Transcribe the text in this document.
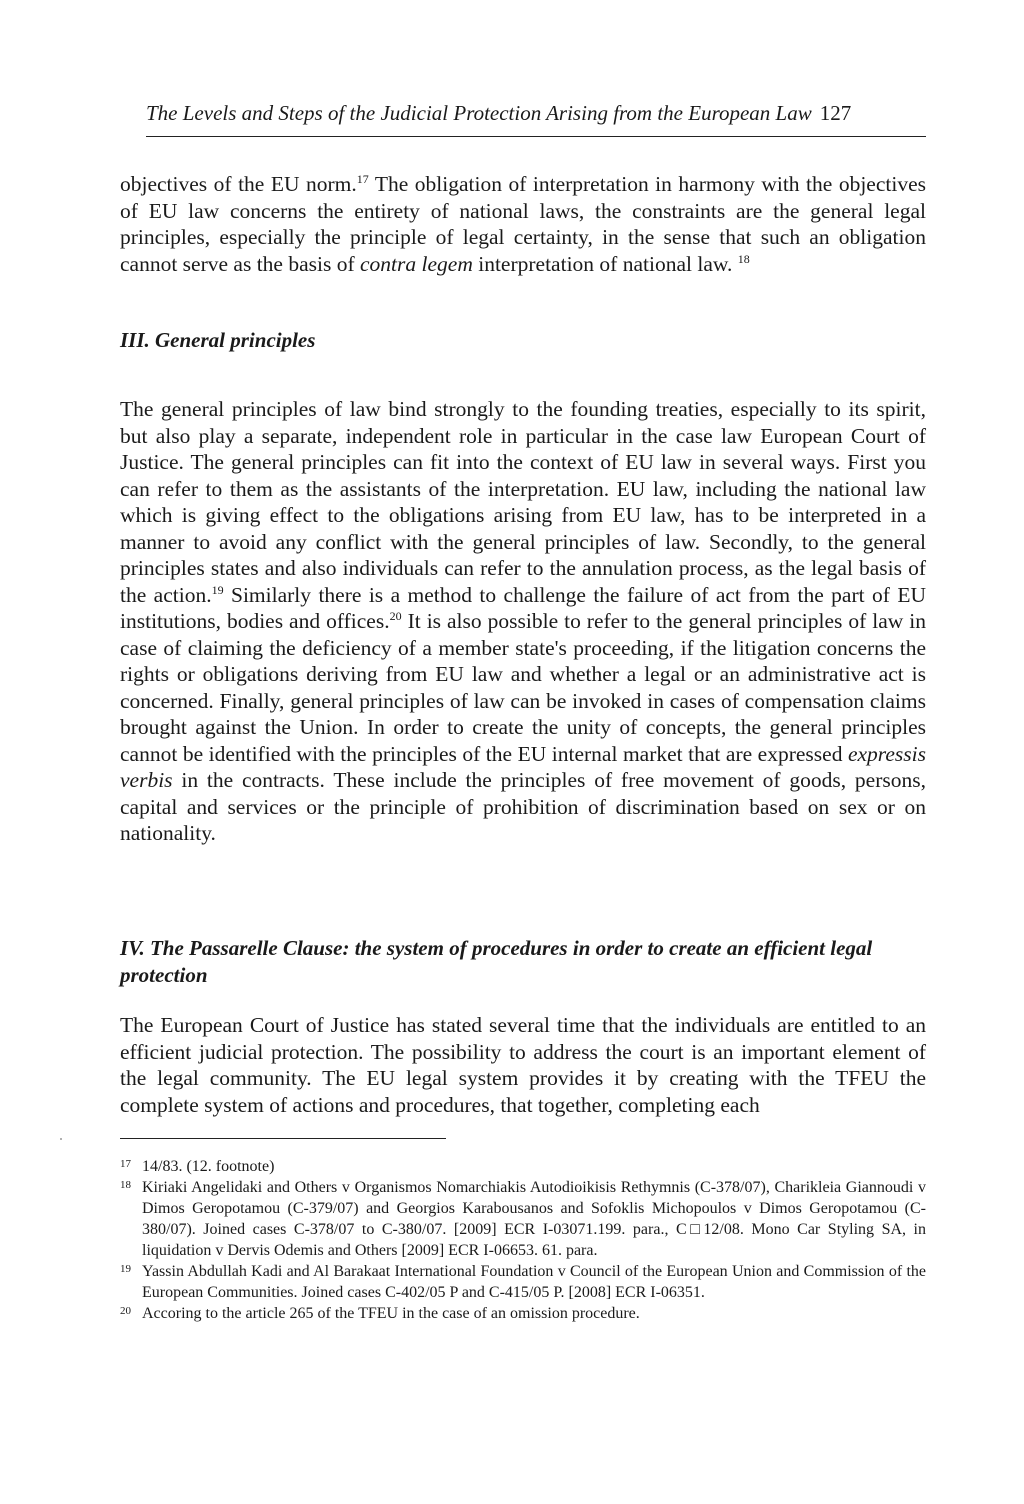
The Levels and Steps of the Judicial Protection Arising from the European Law 127

objectives of the EU norm.$^{17}$ The obligation of interpretation in harmony with the objectives of EU law concerns the entirety of national laws, the constraints are the general legal principles, especially the principle of legal certainty, in the sense that such an obligation cannot serve as the basis of contra legem interpretation of national law. $^{18}$

III. General principles

The general principles of law bind strongly to the founding treaties, especially to its spirit, but also play a separate, independent role in particular in the case law European Court of Justice. The general principles can fit into the context of EU law in several ways. First you can refer to them as the assistants of the interpretation. EU law, including the national law which is giving effect to the obligations arising from EU law, has to be interpreted in a manner to avoid any conflict with the general principles of law. Secondly, to the general principles states and also individuals can refer to the annulation process, as the legal basis of the action.$^{19}$ Similarly there is a method to challenge the failure of act from the part of EU institutions, bodies and offices.$^{20}$ It is also possible to refer to the general principles of law in case of claiming the deficiency of a member state's proceeding, if the litigation concerns the rights or obligations deriving from EU law and whether a legal or an administrative act is concerned. Finally, general principles of law can be invoked in cases of compensation claims brought against the Union. In order to create the unity of concepts, the general principles cannot be identified with the principles of the EU internal market that are expressed expressis verbis in the contracts. These include the principles of free movement of goods, persons, capital and services or the principle of prohibition of discrimination based on sex or on nationality.

IV. The Passarelle Clause: the system of procedures in order to create an efficient legal protection

The European Court of Justice has stated several time that the individuals are entitled to an efficient judicial protection. The possibility to address the court is an important element of the legal community. The EU legal system provides it by creating with the TFEU the complete system of actions and procedures, that together, completing each

17 14/83. (12. footnote)
18 Kiriaki Angelidaki and Others v Organismos Nomarchiakis Autodioikisis Rethymnis (C-378/07), Charikleia Giannoudi v Dimos Geropotamou (C-379/07) and Georgios Karabousanos and Sofoklis Michopoulos v Dimos Geropotamou (C-380/07). Joined cases C-378/07 to C-380/07. [2009] ECR I-03071.199. para., C□12/08. Mono Car Styling SA, in liquidation v Dervis Odemis and Others [2009] ECR I-06653. 61. para.
19 Yassin Abdullah Kadi and Al Barakaat International Foundation v Council of the European Union and Commission of the European Communities. Joined cases C-402/05 P and C-415/05 P. [2008] ECR I-06351.
20 Accoring to the article 265 of the TFEU in the case of an omission procedure.
